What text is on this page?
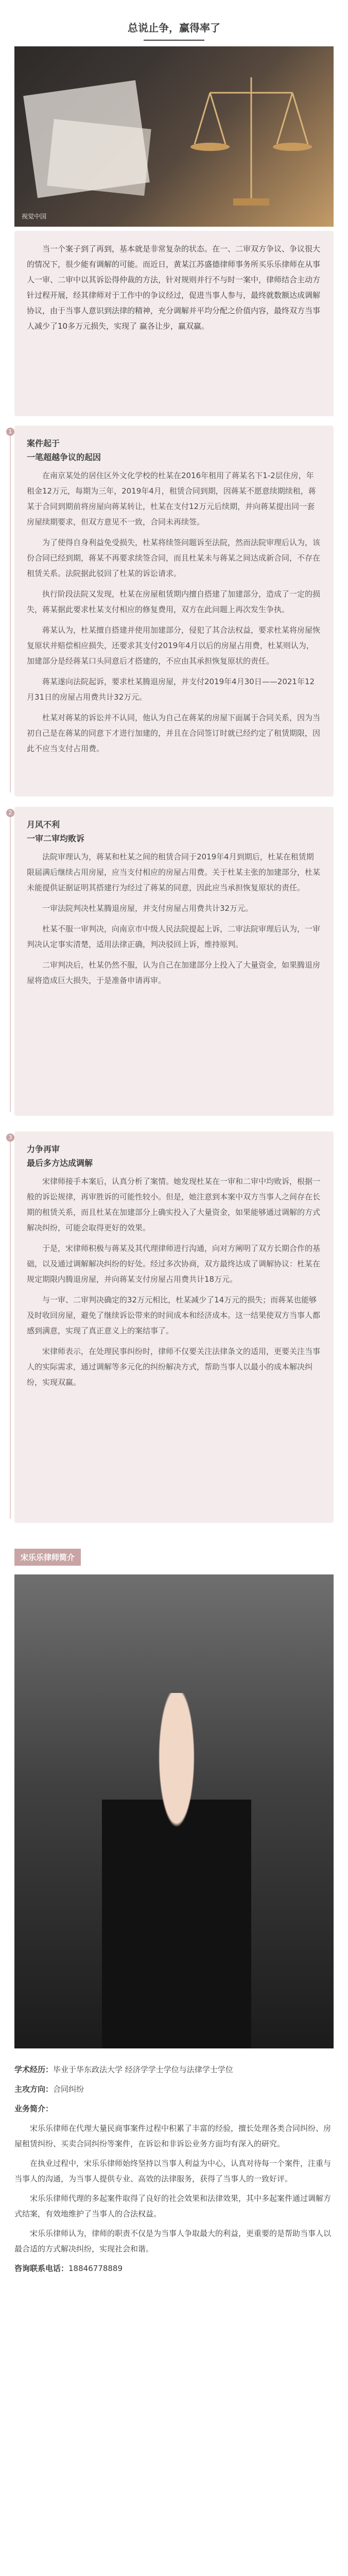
总说止争，赢得率了
视觉中国
当一个案子到了再到，基本就是非常复杂的状态。在一、二审双方争议、争议很大的情况下，很少能有调解的可能。而近日，黄某江苏盛德律师事务所买乐乐律师在从事人一审、二审中以其诉讼得仲裁的方法，针对规则并行不与时一案中，律师结合主动方针过程开展，经其律师对于工作中的争议经过，促进当事人参与，最终就数额达成调解协议，由于当事人意识到法律的精神，充分调解并平均分配之价值内容，最终双方当事人减少了10多万元损失，实现了 赢各让步，赢双赢。
1
案件起于
一笔超越争议的起因
在南京某处的居住区外文化学校的杜某在2016年租用了蒋某名下1-2层住房，年租金12万元，每期为三年，2019年4月，租赁合同到期，因蒋某不愿意续期续租，蒋某于合同到期前将房屋向蒋某转让，杜某在支付12万元后续期，并向蒋某提出同一套房屋续期要求，但双方意见不一致，合同未再续签。
为了使得自身利益免受损失，杜某将续签问题诉至法院，然而法院审理后认为，该份合同已经到期，蒋某不再要求续签合同，而且杜某未与蒋某之间达成新合同，不存在租赁关系。法院据此驳回了杜某的诉讼请求。
执行阶段法院又发现，杜某在房屋租赁期内擅自搭建了加建部分，造成了一定的损失，蒋某据此要求杜某支付相应的修复费用，双方在此问题上再次发生争执。
蒋某认为，杜某擅自搭建并使用加建部分，侵犯了其合法权益，要求杜某将房屋恢复原状并赔偿相应损失，还要求其支付2019年4月以后的房屋占用费，杜某则认为，加建部分是经蒋某口头同意后才搭建的，不应由其承担恢复原状的责任。
蒋某遂向法院起诉，要求杜某腾退房屋，并支付2019年4月30日——2021年12月31日的房屋占用费共计32万元。
杜某对蒋某的诉讼并不认同，他认为自己在蒋某的房屋下面属于合同关系，因为当初自己是在蒋某的同意下才进行加建的，并且在合同签订时就已经约定了租赁期限，因此不应当支付占用费。
2
月风不利
一审二审均败诉
法院审理认为，蒋某和杜某之间的租赁合同于2019年4月到期后，杜某在租赁期限届满后继续占用房屋，应当支付相应的房屋占用费。关于杜某主张的加建部分，杜某未能提供证据证明其搭建行为经过了蒋某的同意，因此应当承担恢复原状的责任。
一审法院判决杜某腾退房屋，并支付房屋占用费共计32万元。
杜某不服一审判决，向南京市中级人民法院提起上诉，二审法院审理后认为，一审判决认定事实清楚，适用法律正确，判决驳回上诉，维持原判。
二审判决后，杜某仍然不服，认为自己在加建部分上投入了大量资金，如果腾退房屋将造成巨大损失，于是准备申请再审。
3
力争再审
最后多方达成调解
宋律师接手本案后，认真分析了案情。她发现杜某在一审和二审中均败诉，根据一般的诉讼规律，再审胜诉的可能性较小。但是，她注意到本案中双方当事人之间存在长期的租赁关系，而且杜某在加建部分上确实投入了大量资金，如果能够通过调解的方式解决纠纷，可能会取得更好的效果。
于是，宋律师积极与蒋某及其代理律师进行沟通，向对方阐明了双方长期合作的基础，以及通过调解解决纠纷的好处。经过多次协商，双方最终达成了调解协议：杜某在规定期限内腾退房屋，并向蒋某支付房屋占用费共计18万元。
与一审、二审判决确定的32万元相比，杜某减少了14万元的损失；而蒋某也能够及时收回房屋，避免了继续诉讼带来的时间成本和经济成本。这一结果使双方当事人都感到满意，实现了真正意义上的案结事了。
宋律师表示，在处理民事纠纷时，律师不仅要关注法律条文的适用，更要关注当事人的实际需求，通过调解等多元化的纠纷解决方式，帮助当事人以最小的成本解决纠纷，实现双赢。
宋乐乐律师简介
学术经历：毕业于华东政法大学 经济学学士学位与法律学士学位
主攻方向：合同纠纷
业务简介：
宋乐乐律师在代理大量民商事案件过程中积累了丰富的经验，擅长处理各类合同纠纷、房屋租赁纠纷、买卖合同纠纷等案件，在诉讼和非诉讼业务方面均有深入的研究。
在执业过程中，宋乐乐律师始终坚持以当事人利益为中心，认真对待每一个案件，注重与当事人的沟通，为当事人提供专业、高效的法律服务，获得了当事人的一致好评。
宋乐乐律师代理的多起案件取得了良好的社会效果和法律效果，其中多起案件通过调解方式结案，有效地维护了当事人的合法权益。
宋乐乐律师认为，律师的职责不仅是为当事人争取最大的利益，更重要的是帮助当事人以最合适的方式解决纠纷，实现社会和谐。
咨询联系电话：18846778889
